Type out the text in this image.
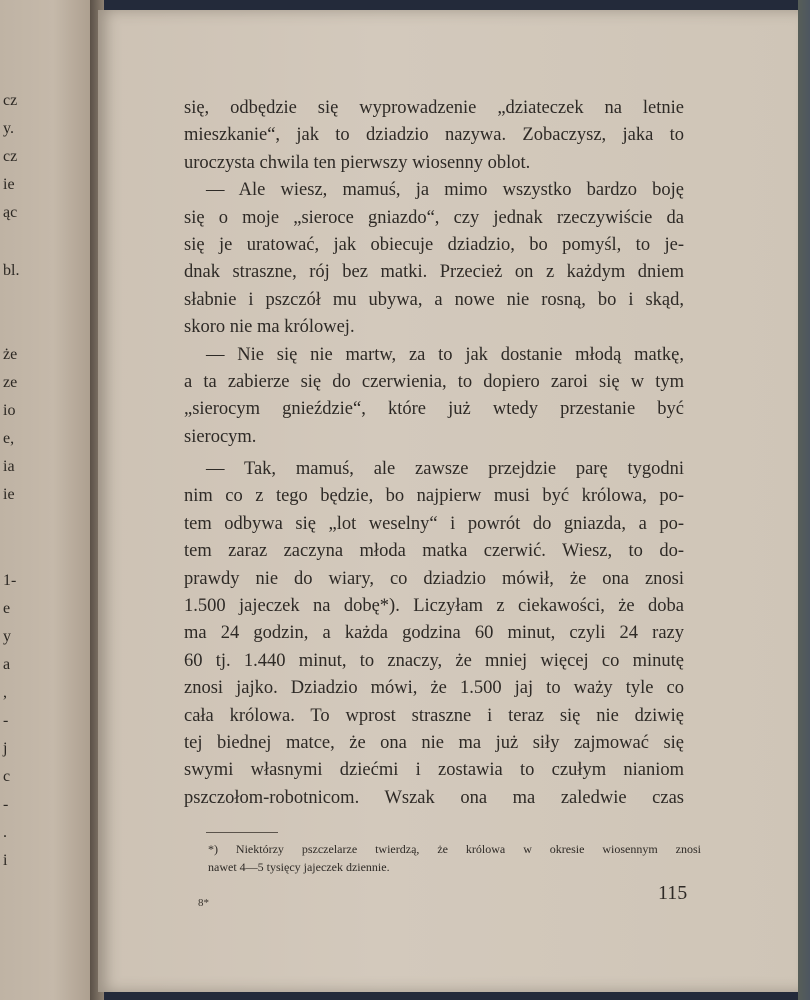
cz
y.
cz
ie
ąc
bl.
że
ze
io
e,
ia
ie
1-
e
y
a
,
-
j
c
-
.
i
się, odbędzie się wyprowadzenie „dziateczek na letnie
mieszkanie“, jak to dziadzio nazywa. Zobaczysz, jaka to
uroczysta chwila ten pierwszy wiosenny oblot.
— Ale wiesz, mamuś, ja mimo wszystko bardzo boję
się o moje „sieroce gniazdo“, czy jednak rzeczywiście da
się je uratować, jak obiecuje dziadzio, bo pomyśl, to je-
dnak straszne, rój bez matki. Przecież on z każdym dniem
słabnie i pszczół mu ubywa, a nowe nie rosną, bo i skąd,
skoro nie ma królowej.
— Nie się nie martw, za to jak dostanie młodą matkę,
a ta zabierze się do czerwienia, to dopiero zaroi się w tym
„sierocym gnieździe“, które już wtedy przestanie być
sierocym.
— Tak, mamuś, ale zawsze przejdzie parę tygodni
nim co z tego będzie, bo najpierw musi być królowa, po-
tem odbywa się „lot weselny“ i powrót do gniazda, a po-
tem zaraz zaczyna młoda matka czerwić. Wiesz, to do-
prawdy nie do wiary, co dziadzio mówił, że ona znosi
1.500 jajeczek na dobę*). Liczyłam z ciekawości, że doba
ma 24 godzin, a każda godzina 60 minut, czyli 24 razy
60 tj. 1.440 minut, to znaczy, że mniej więcej co minutę
znosi jajko. Dziadzio mówi, że 1.500 jaj to waży tyle co
cała królowa. To wprost straszne i teraz się nie dziwię
tej biednej matce, że ona nie ma już siły zajmować się
swymi własnymi dziećmi i zostawia to czułym nianiom
pszczołom-robotnicom. Wszak ona ma zaledwie czas
*) Niektórzy pszczelarze twierdzą, że królowa w okresie wiosennym znosi
nawet 4—5 tysięcy jajeczek dziennie.
8*	115
